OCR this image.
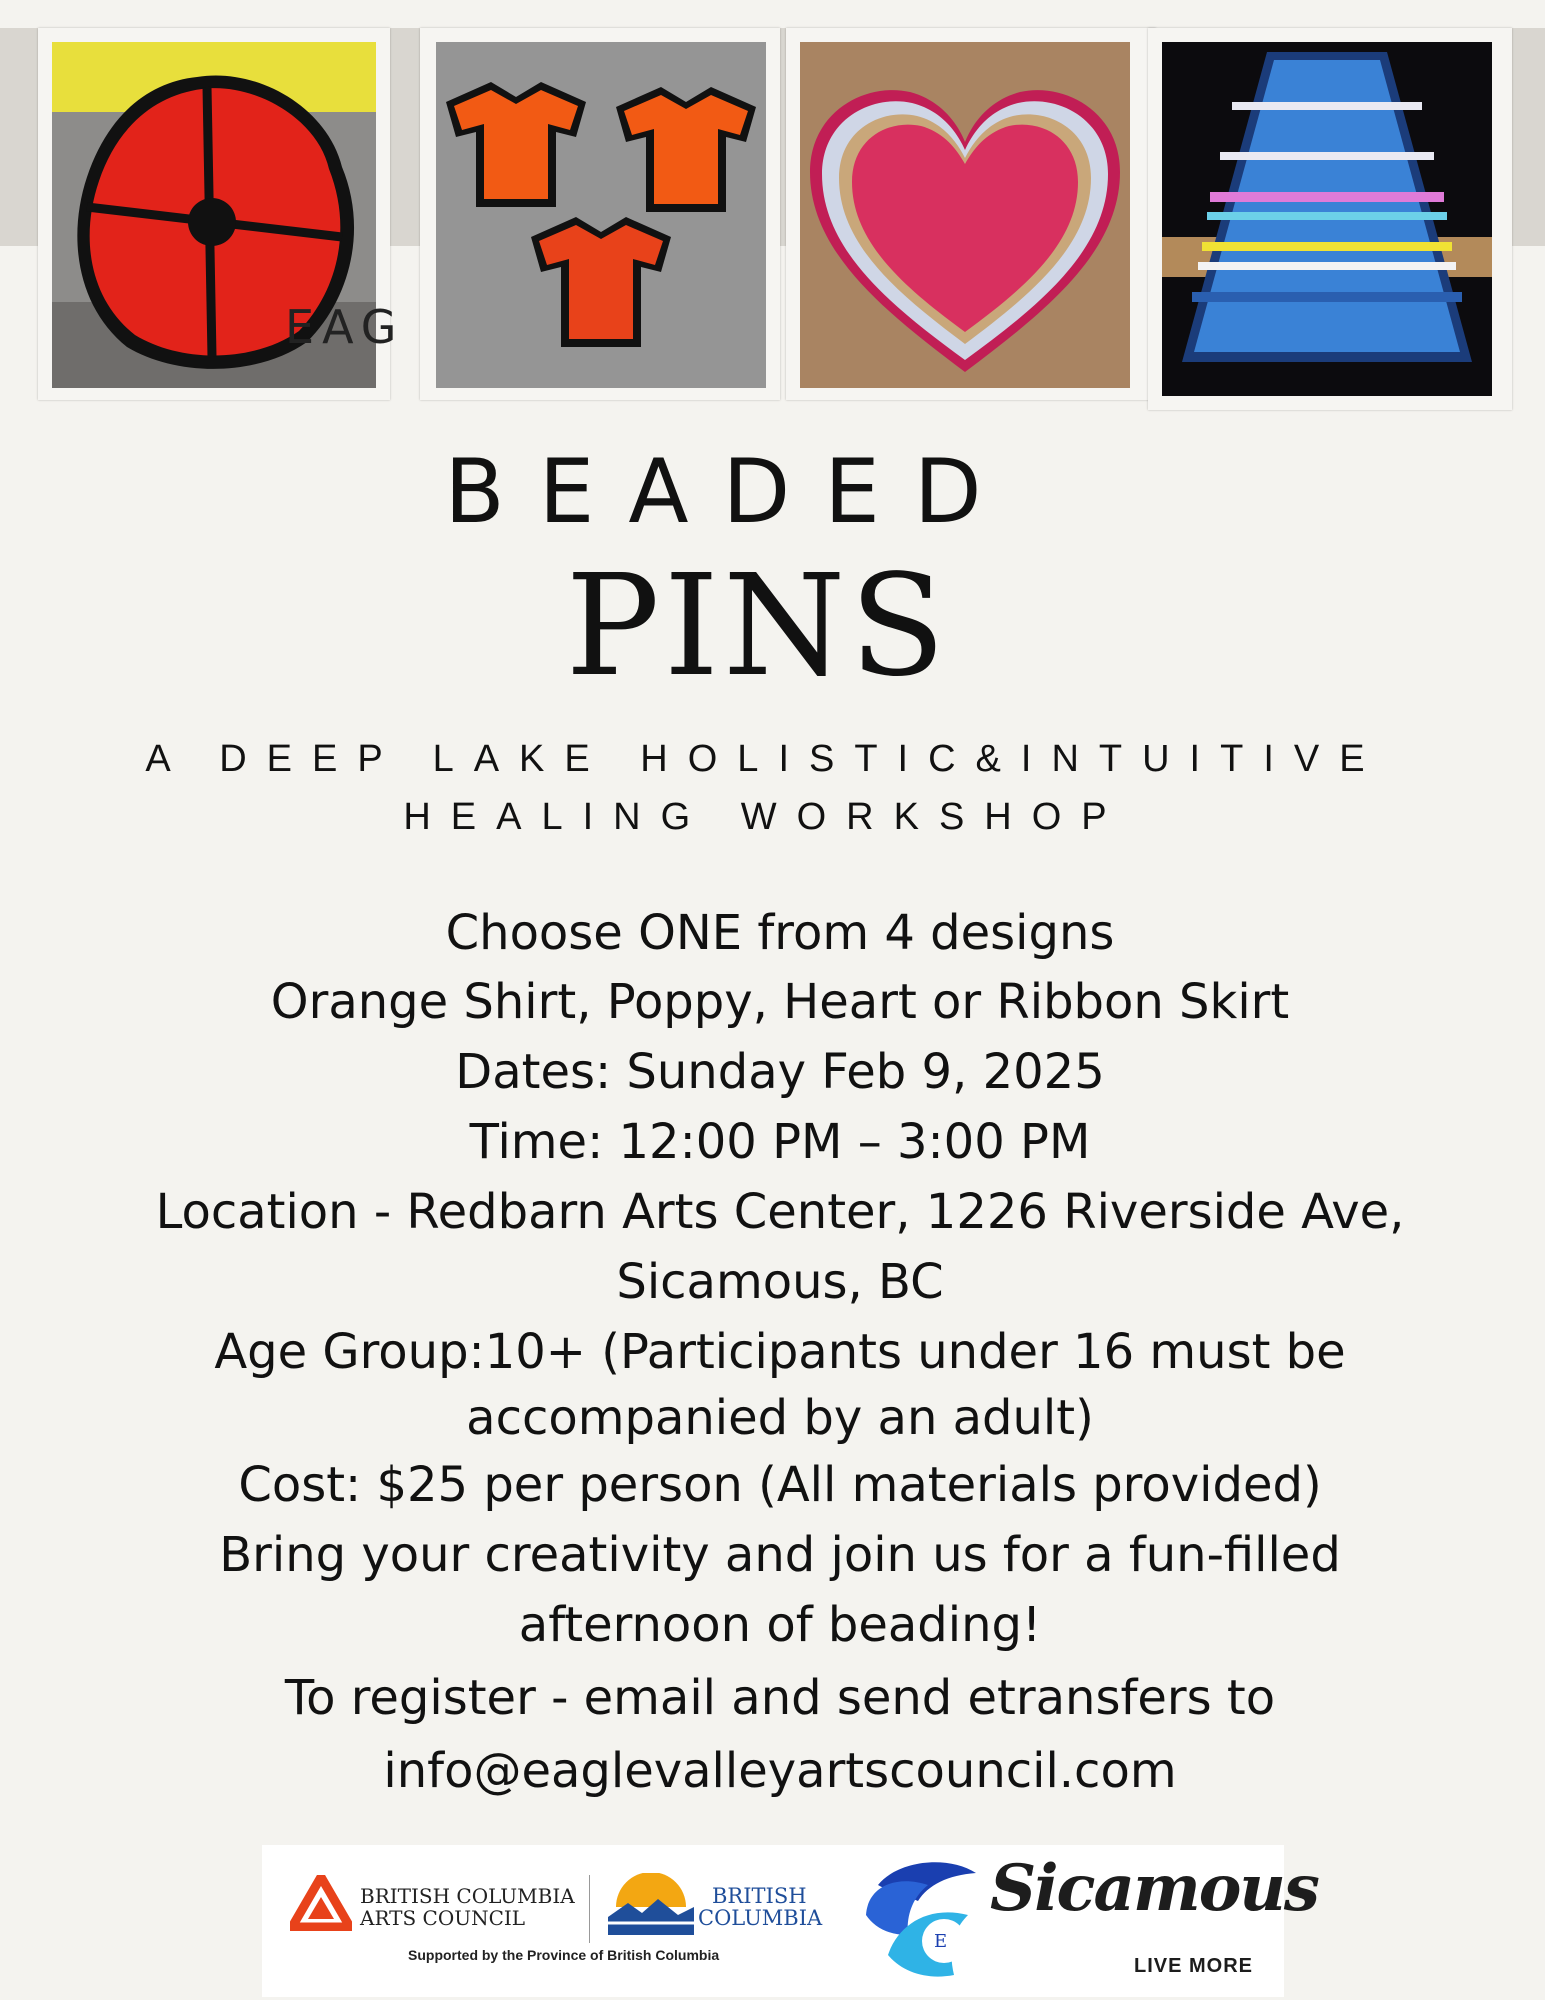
EAG
BEADED
PINS
A DEEP LAKE HOLISTIC&INTUITIVE
HEALING WORKSHOP
Choose ONE from 4 designs
Orange Shirt, Poppy, Heart or Ribbon Skirt
Dates: Sunday Feb 9, 2025
Time: 12:00 PM – 3:00 PM
Location - Redbarn Arts Center, 1226 Riverside Ave,
Sicamous, BC
Age Group:10+ (Participants under 16 must be
accompanied by an adult)
Cost: $25 per person (All materials provided)
Bring your creativity and join us for a fun-filled
afternoon of beading!
To register - email and send etransfers to
info@eaglevalleyartscouncil.com
BRITISH COLUMBIA
ARTS COUNCIL
BRITISH
COLUMBIA
Supported by the Province of British Columbia
E
Sicamous
LIVE MORE
